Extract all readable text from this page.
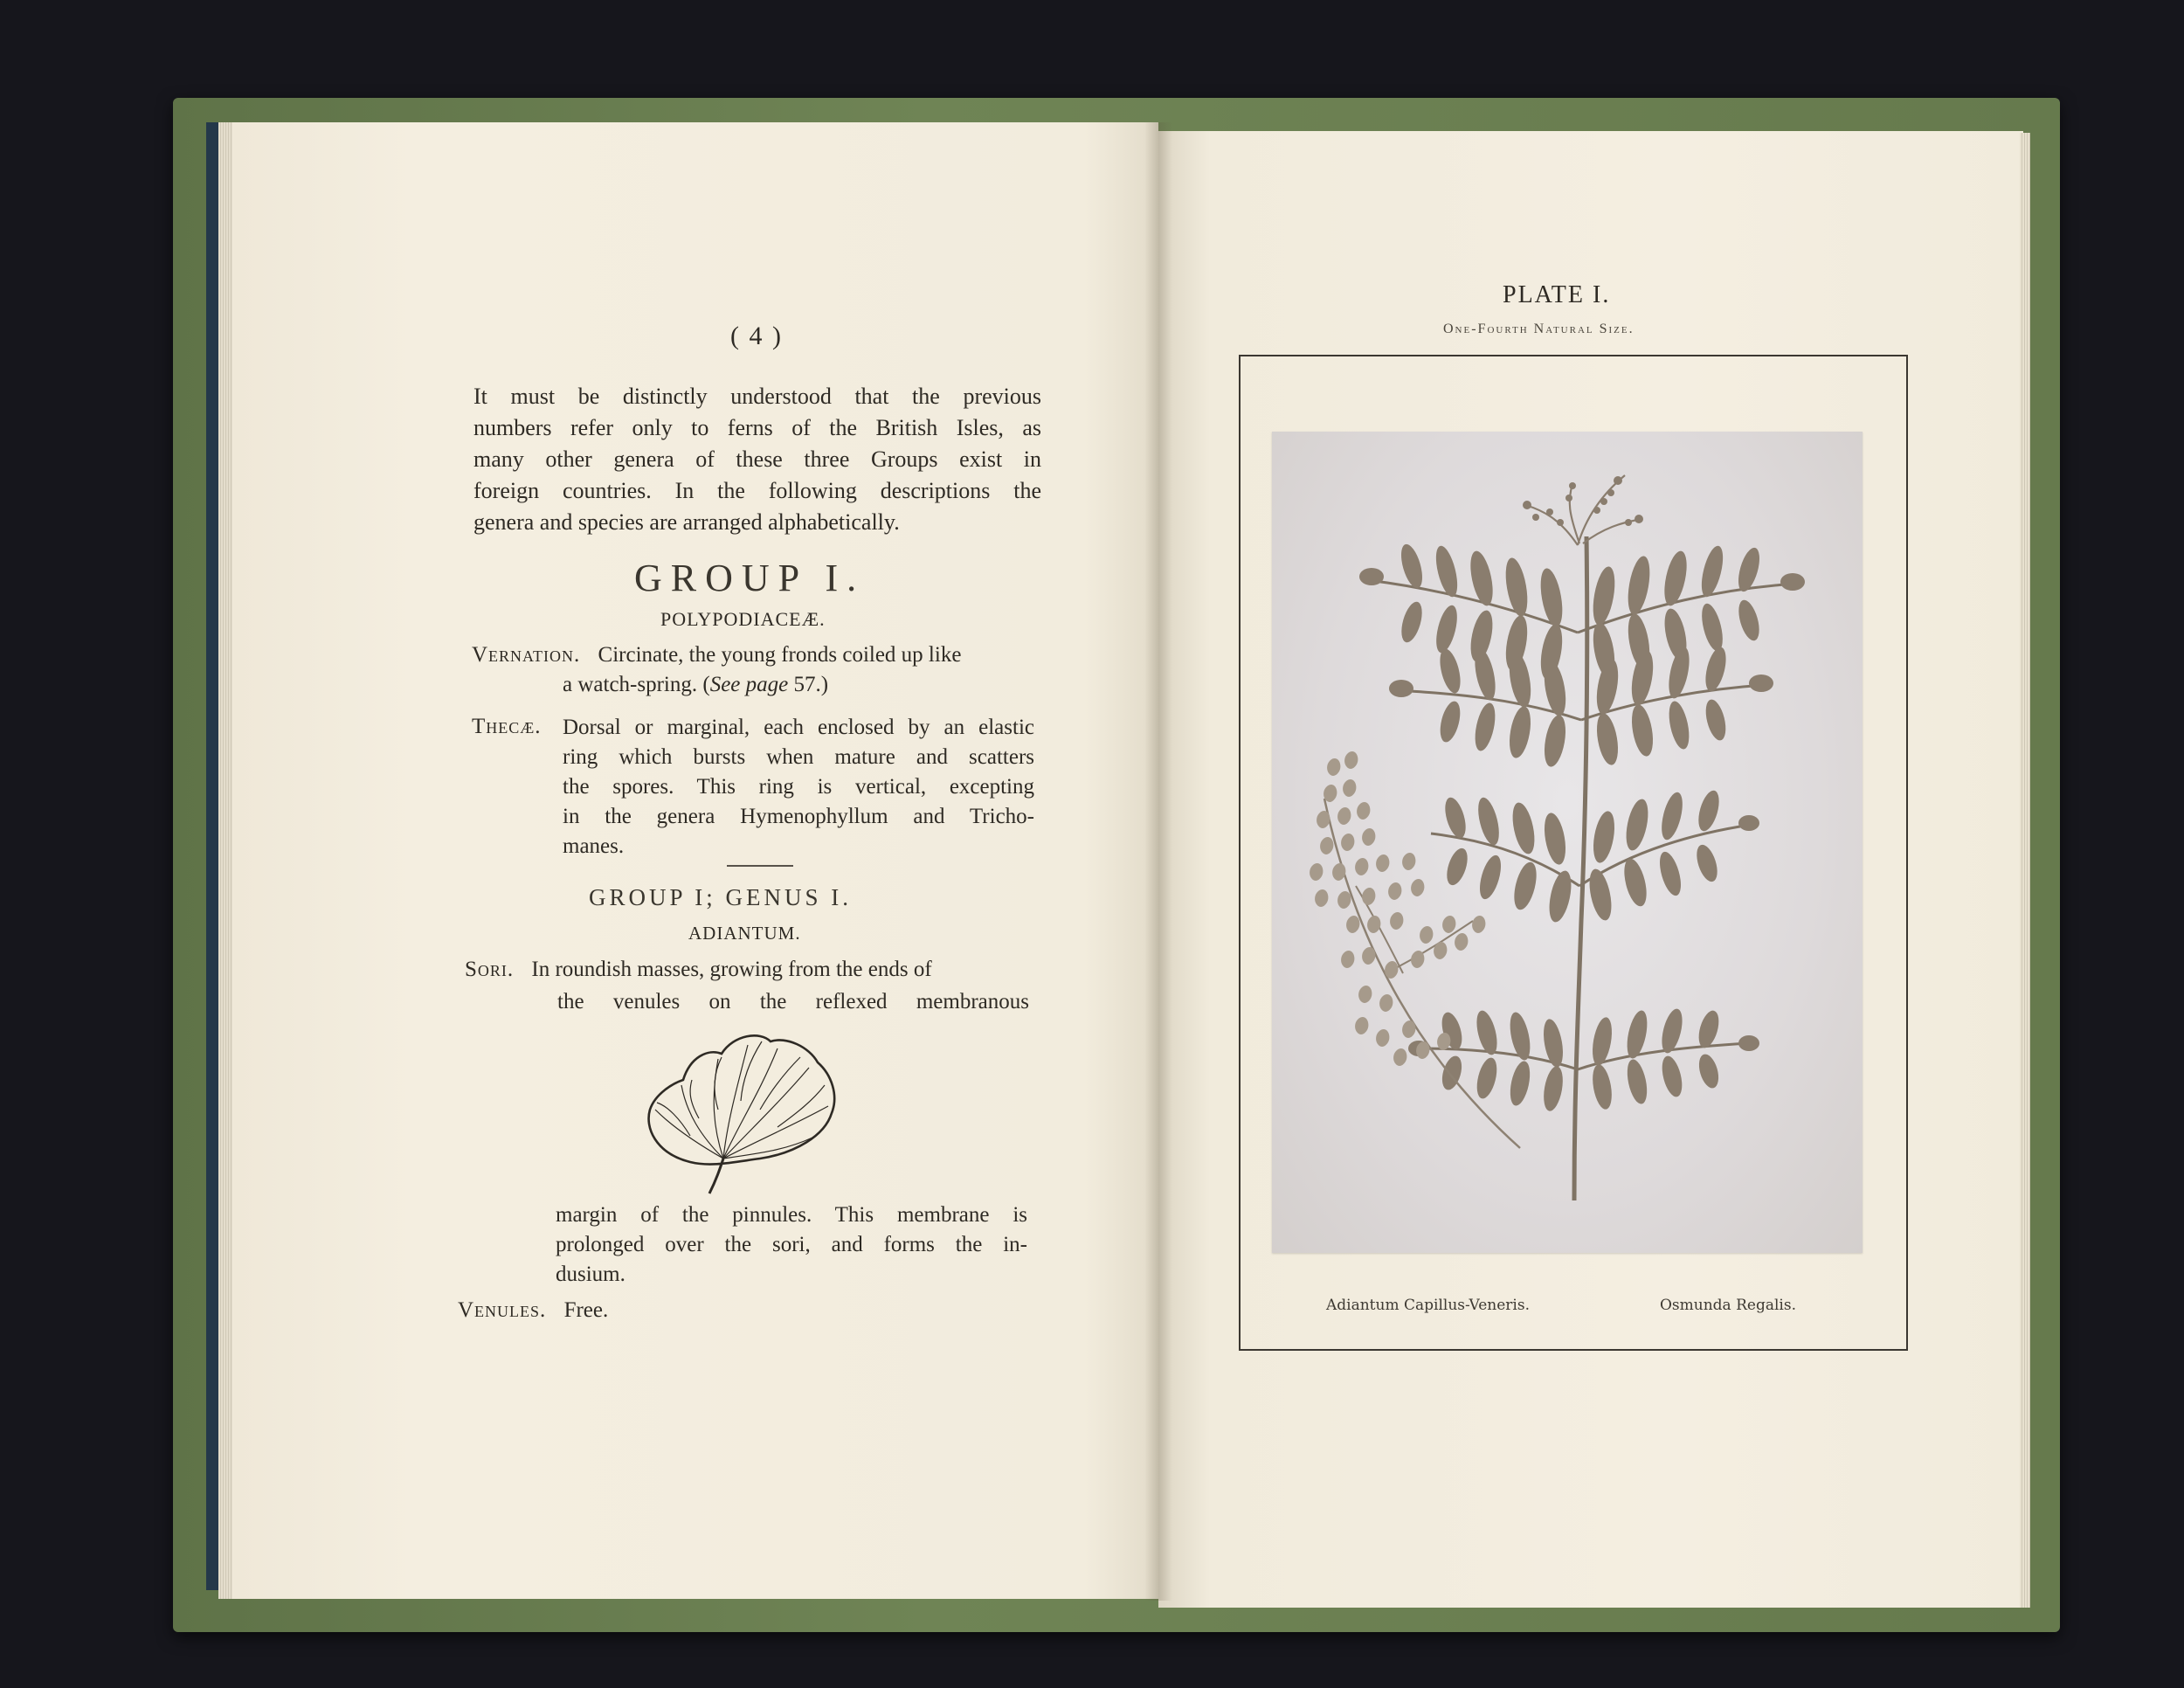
( 4 )
It must be distinctly understood that the previous
numbers refer only to ferns of the British Isles, as
many other genera of these three Groups exist in
foreign countries. In the following descriptions the
genera and species are arranged alphabetically.
GROUP I.
POLYPODIACEÆ.
Vernation. Circinate, the young fronds coiled up like
a watch-spring. (See page 57.)
Thecæ. Dorsal or marginal, each enclosed by an elastic
ring which bursts when mature and scatters
the spores. This ring is vertical, excepting
in the genera Hymenophyllum and Tricho-
manes.
GROUP I; GENUS I.
ADIANTUM.
Sori. In roundish masses, growing from the ends of
the venules on the reflexed membranous
margin of the pinnules. This membrane is
prolonged over the sori, and forms the in-
dusium.
Venules. Free.
PLATE I.
One-Fourth Natural Size.
Adiantum Capillus-Veneris.	Osmunda Regalis.
